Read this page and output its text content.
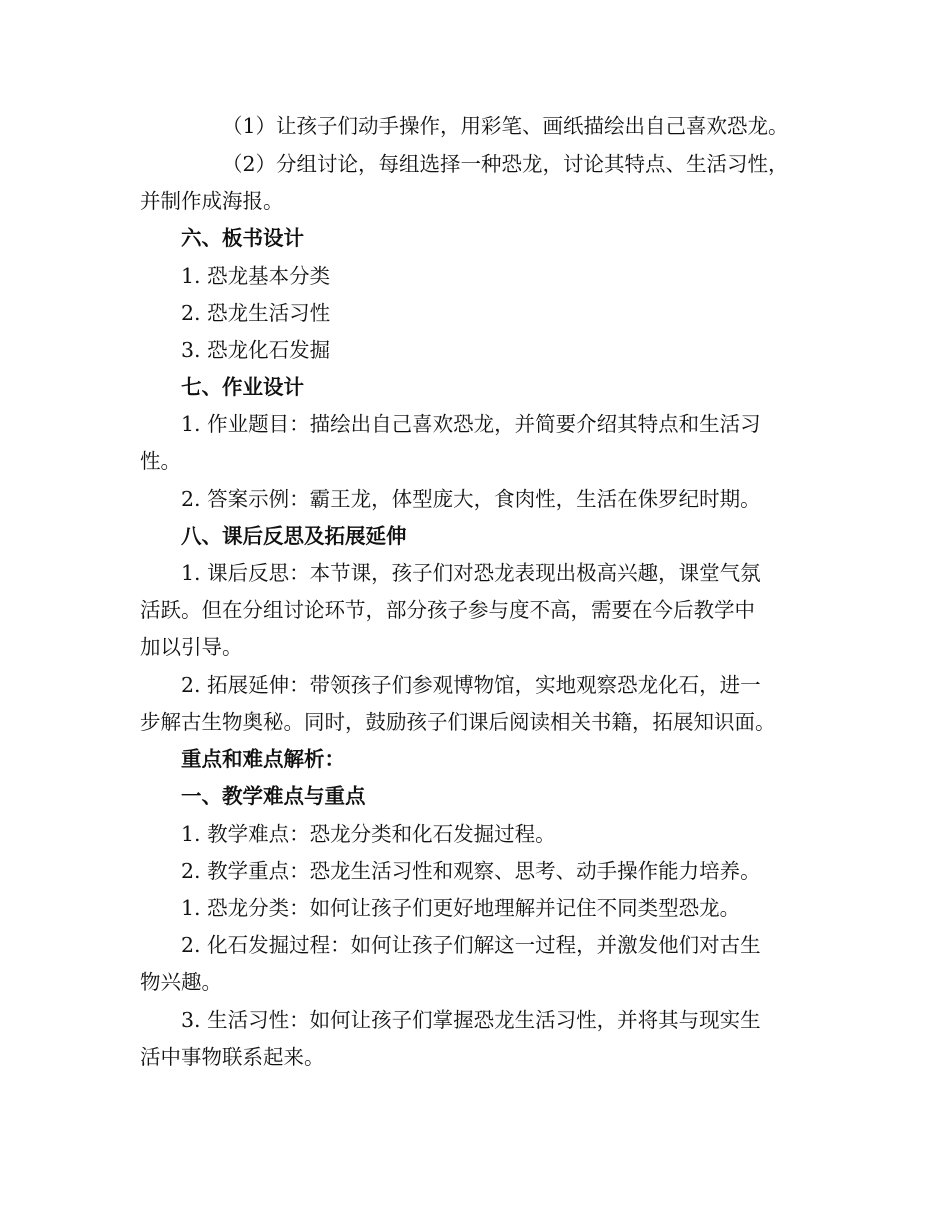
（1）让孩子们动手操作，用彩笔、画纸描绘出自己喜欢恐龙。
（2）分组讨论，每组选择一种恐龙，讨论其特点、生活习性，
并制作成海报。
六、板书设计
1. 恐龙基本分类
2. 恐龙生活习性
3. 恐龙化石发掘
七、作业设计
1. 作业题目：描绘出自己喜欢恐龙，并简要介绍其特点和生活习
性。
2. 答案示例：霸王龙，体型庞大，食肉性，生活在侏罗纪时期。
八、课后反思及拓展延伸
1. 课后反思：本节课，孩子们对恐龙表现出极高兴趣，课堂气氛
活跃。但在分组讨论环节，部分孩子参与度不高，需要在今后教学中
加以引导。
2. 拓展延伸：带领孩子们参观博物馆，实地观察恐龙化石，进一
步解古生物奥秘。同时，鼓励孩子们课后阅读相关书籍，拓展知识面。
重点和难点解析：
一、教学难点与重点
1. 教学难点：恐龙分类和化石发掘过程。
2. 教学重点：恐龙生活习性和观察、思考、动手操作能力培养。
1. 恐龙分类：如何让孩子们更好地理解并记住不同类型恐龙。
2. 化石发掘过程：如何让孩子们解这一过程，并激发他们对古生
物兴趣。
3. 生活习性：如何让孩子们掌握恐龙生活习性，并将其与现实生
活中事物联系起来。
